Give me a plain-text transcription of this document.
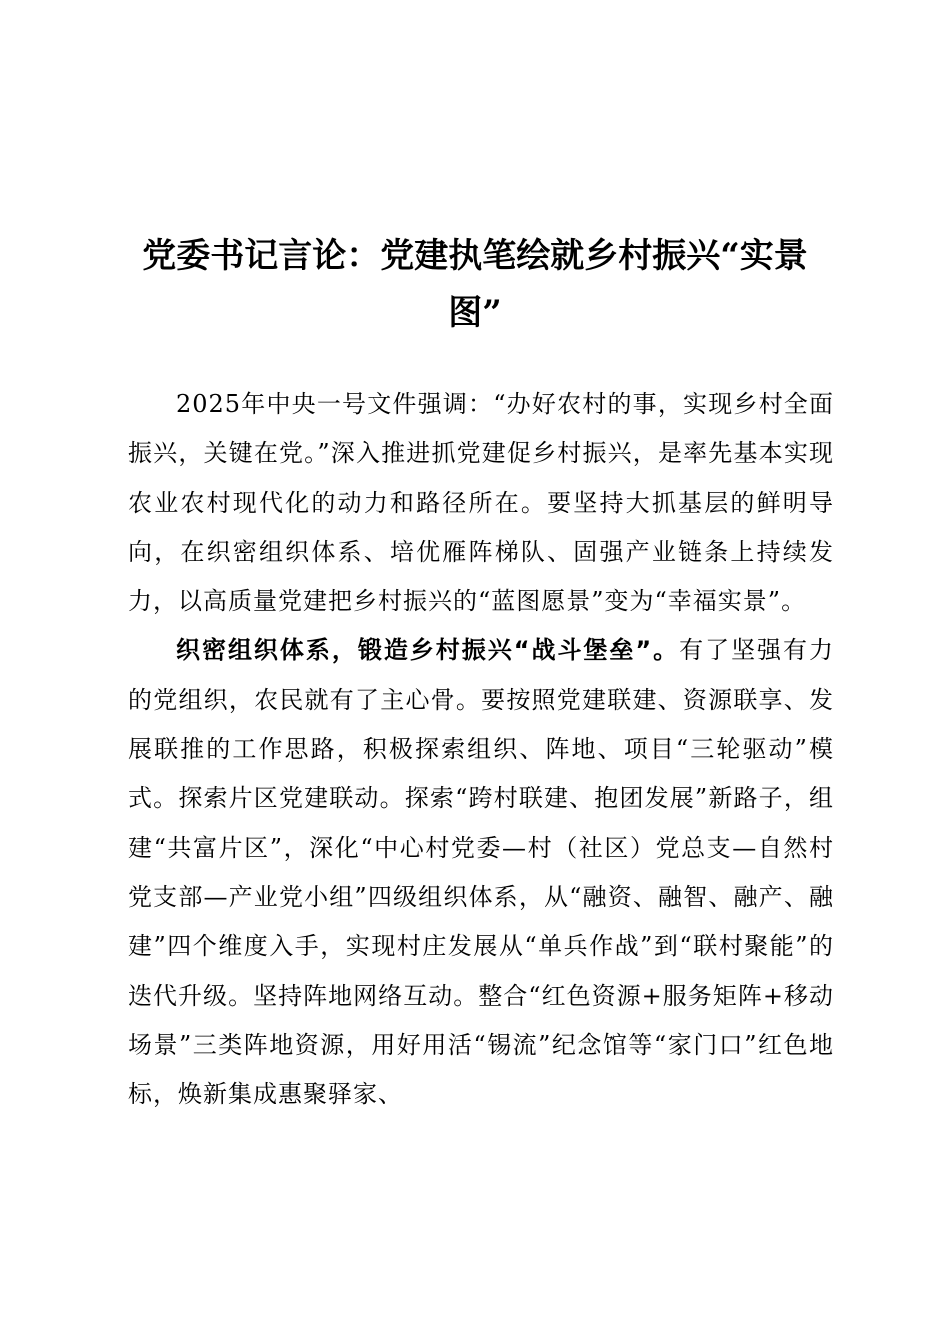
党委书记言论：党建执笔绘就乡村振兴“实景图”

2025年中央一号文件强调：“办好农村的事，实现乡村全面振兴，关键在党。”深入推进抓党建促乡村振兴，是率先基本实现农业农村现代化的动力和路径所在。要坚持大抓基层的鲜明导向，在织密组织体系、培优雁阵梯队、固强产业链条上持续发力，以高质量党建把乡村振兴的“蓝图愿景”变为“幸福实景”。

织密组织体系，锻造乡村振兴“战斗堡垒”。有了坚强有力的党组织，农民就有了主心骨。要按照党建联建、资源联享、发展联推的工作思路，积极探索组织、阵地、项目“三轮驱动”模式。探索片区党建联动。探索“跨村联建、抱团发展”新路子，组建“共富片区”，深化“中心村党委—村（社区）党总支—自然村党支部—产业党小组”四级组织体系，从“融资、融智、融产、融建”四个维度入手，实现村庄发展从“单兵作战”到“联村聚能”的迭代升级。坚持阵地网络互动。整合“红色资源+服务矩阵+移动场景”三类阵地资源，用好用活“锡流”纪念馆等“家门口”红色地标，焕新集成惠聚驿家、
